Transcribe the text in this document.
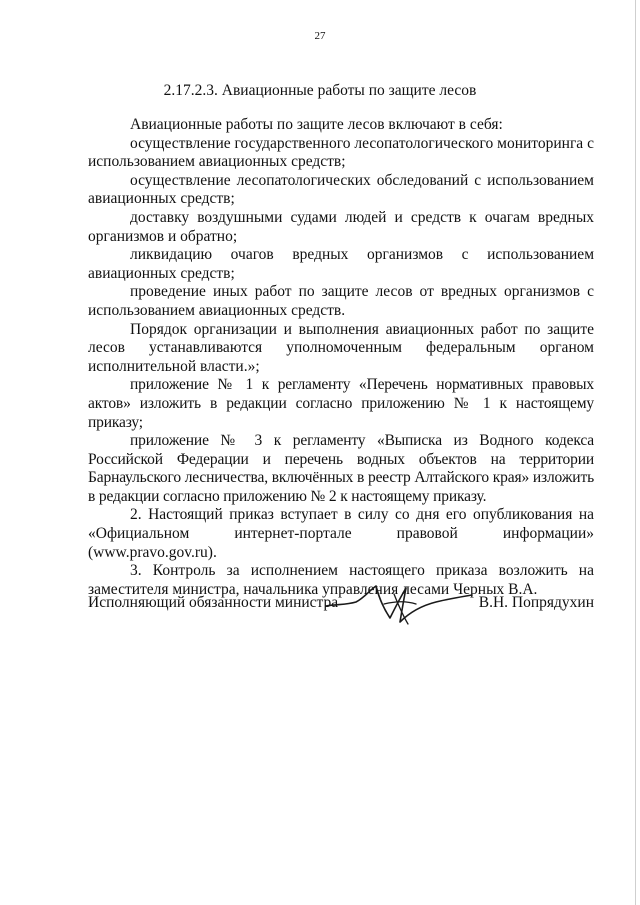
27
2.17.2.3. Авиационные работы по защите лесов

Авиационные работы по защите лесов включают в себя:

осуществление государственного лесопатологического мониторинга с использованием авиационных средств;

осуществление лесопатологических обследований с использованием авиационных средств;

доставку воздушными судами людей и средств к очагам вредных организмов и обратно;

ликвидацию очагов вредных организмов с использованием авиационных средств;

проведение иных работ по защите лесов от вредных организмов с использованием авиационных средств.

Порядок организации и выполнения авиационных работ по защите лесов устанавливаются уполномоченным федеральным органом исполнительной власти.»;

приложение № 1 к регламенту «Перечень нормативных правовых актов» изложить в редакции согласно приложению № 1 к настоящему приказу;

приложение № 3 к регламенту «Выписка из Водного кодекса Российской Федерации и перечень водных объектов на территории Барнаульского лесничества, включённых в реестр Алтайского края» изложить в редакции согласно приложению № 2 к настоящему приказу.

2. Настоящий приказ вступает в силу со дня его опубликования на «Официальном интернет-портале правовой информации» (www.pravo.gov.ru).

3. Контроль за исполнением настоящего приказа возложить на заместителя министра, начальника управления лесами Черных В.А.

Исполняющий обязанности министра	В.Н. Попрядухин
